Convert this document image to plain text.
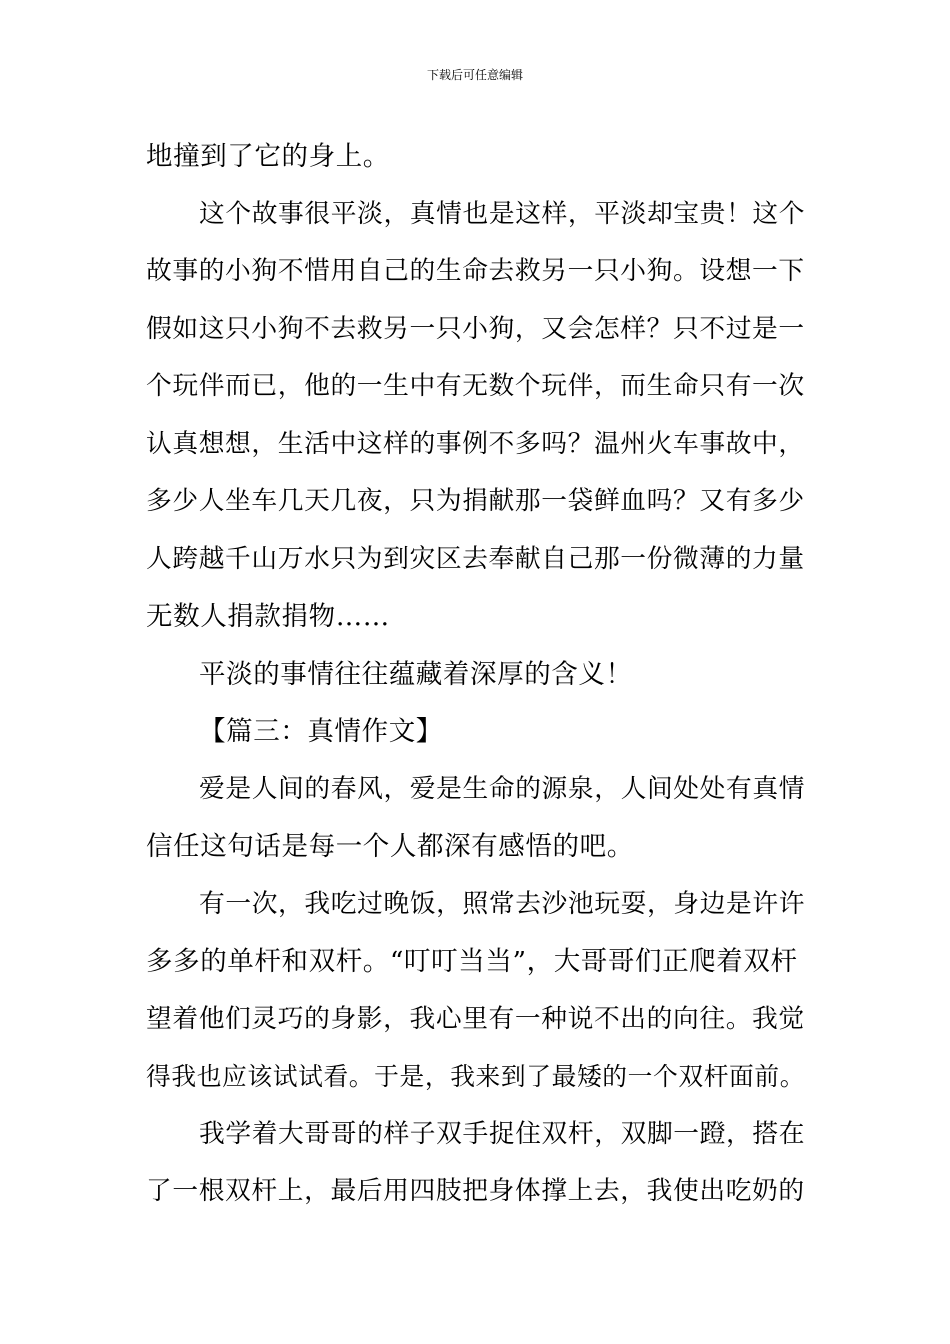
下载后可任意编辑
地撞到了它的身上。
这个故事很平淡，真情也是这样，平淡却宝贵！这个
故事的小狗不惜用自己的生命去救另一只小狗。设想一下
假如这只小狗不去救另一只小狗，又会怎样？只不过是一
个玩伴而已，他的一生中有无数个玩伴，而生命只有一次
认真想想，生活中这样的事例不多吗？温州火车事故中，
多少人坐车几天几夜，只为捐献那一袋鲜血吗？又有多少
人跨越千山万水只为到灾区去奉献自己那一份微薄的力量
无数人捐款捐物……
平淡的事情往往蕴藏着深厚的含义！
【篇三：真情作文】
爱是人间的春风，爱是生命的源泉，人间处处有真情
信任这句话是每一个人都深有感悟的吧。
有一次，我吃过晚饭，照常去沙池玩耍，身边是许许
多多的单杆和双杆。“叮叮当当”，大哥哥们正爬着双杆
望着他们灵巧的身影，我心里有一种说不出的向往。我觉
得我也应该试试看。于是，我来到了最矮的一个双杆面前。
我学着大哥哥的样子双手捉住双杆，双脚一蹬，搭在
了一根双杆上，最后用四肢把身体撑上去，我使出吃奶的
